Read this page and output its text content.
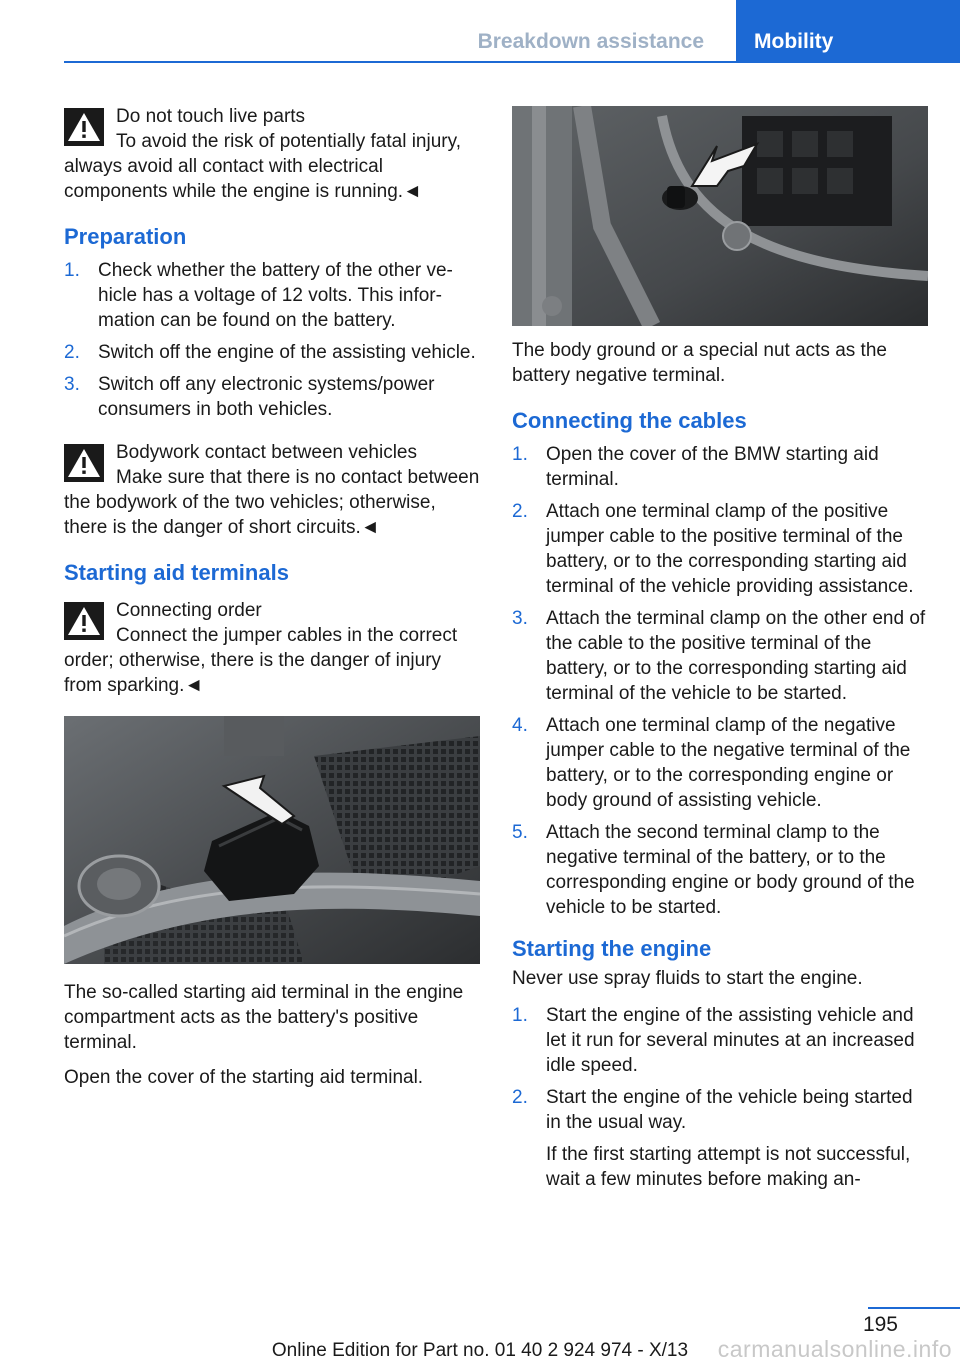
Breakdown assistance	Mobility

Do not touch live parts

To avoid the risk of potentially fatal injury, always avoid all contact with electrical components while the engine is running.◄

Preparation
1. Check whether the battery of the other vehicle has a voltage of 12 volts. This information can be found on the battery.

2. Switch off the engine of the assisting vehicle.

3. Switch off any electronic systems/power consumers in both vehicles.

Bodywork contact between vehicles

Make sure that there is no contact between the bodywork of the two vehicles; otherwise, there is the danger of short circuits.◄

Starting aid terminals

Connecting order

Connect the jumper cables in the correct order; otherwise, there is the danger of injury from sparking.◄

The so-called starting aid terminal in the engine compartment acts as the battery's positive terminal.

Open the cover of the starting aid terminal.

The body ground or a special nut acts as the battery negative terminal.

Connecting the cables
1. Open the cover of the BMW starting aid terminal.

2. Attach one terminal clamp of the positive jumper cable to the positive terminal of the battery, or to the corresponding starting aid terminal of the vehicle providing assistance.

3. Attach the terminal clamp on the other end of the cable to the positive terminal of the battery, or to the corresponding starting aid terminal of the vehicle to be started.

4. Attach one terminal clamp of the negative jumper cable to the negative terminal of the battery, or to the corresponding engine or body ground of assisting vehicle.

5. Attach the second terminal clamp to the negative terminal of the battery, or to the corresponding engine or body ground of the vehicle to be started.

Starting the engine

Never use spray fluids to start the engine.

1. Start the engine of the assisting vehicle and let it run for several minutes at an increased idle speed.

2. Start the engine of the vehicle being started in the usual way.

If the first starting attempt is not successful, wait a few minutes before making an-

195
Online Edition for Part no. 01 40 2 924 974 - X/13	carmanualsonline.info
